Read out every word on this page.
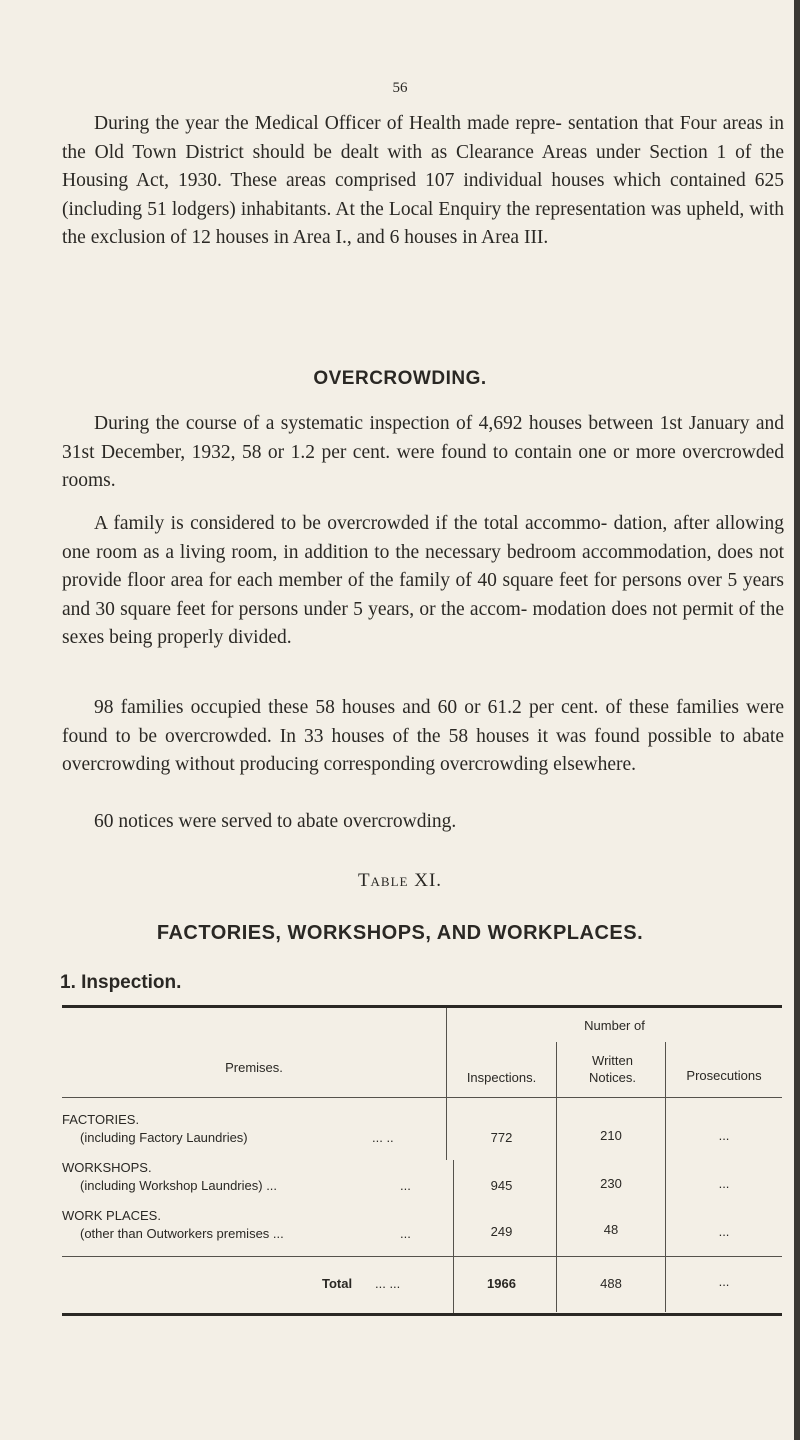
56

During the year the Medical Officer of Health made repre- sentation that Four areas in the Old Town District should be dealt with as Clearance Areas under Section 1 of the Housing Act, 1930. These areas comprised 107 individual houses which contained 625 (including 51 lodgers) inhabitants. At the Local Enquiry the representation was upheld, with the exclusion of 12 houses in Area I., and 6 houses in Area III.

OVERCROWDING.

During the course of a systematic inspection of 4,692 houses between 1st January and 31st December, 1932, 58 or 1.2 per cent. were found to contain one or more overcrowded rooms.

A family is considered to be overcrowded if the total accommo- dation, after allowing one room as a living room, in addition to the necessary bedroom accommodation, does not provide floor area for each member of the family of 40 square feet for persons over 5 years and 30 square feet for persons under 5 years, or the accom- modation does not permit of the sexes being properly divided.

98 families occupied these 58 houses and 60 or 61.2 per cent. of these families were found to be overcrowded. In 33 houses of the 58 houses it was found possible to abate overcrowding without producing corresponding overcrowding elsewhere.

60 notices were served to abate overcrowding.

Table XI.

FACTORIES, WORKSHOPS, AND WORKPLACES.
1. Inspection.
Premises.
Number of
Inspections.
Written Notices.	Prosecutions
FACTORIES.
(including Factory Laundries)	... ..	772	210	...
WORKSHOPS.
(including Workshop Laundries) ...	...	945	230	...
WORK PLACES.
(other than Outworkers premises ...	...	249	48	...
Total ... ...	1966	488	...
